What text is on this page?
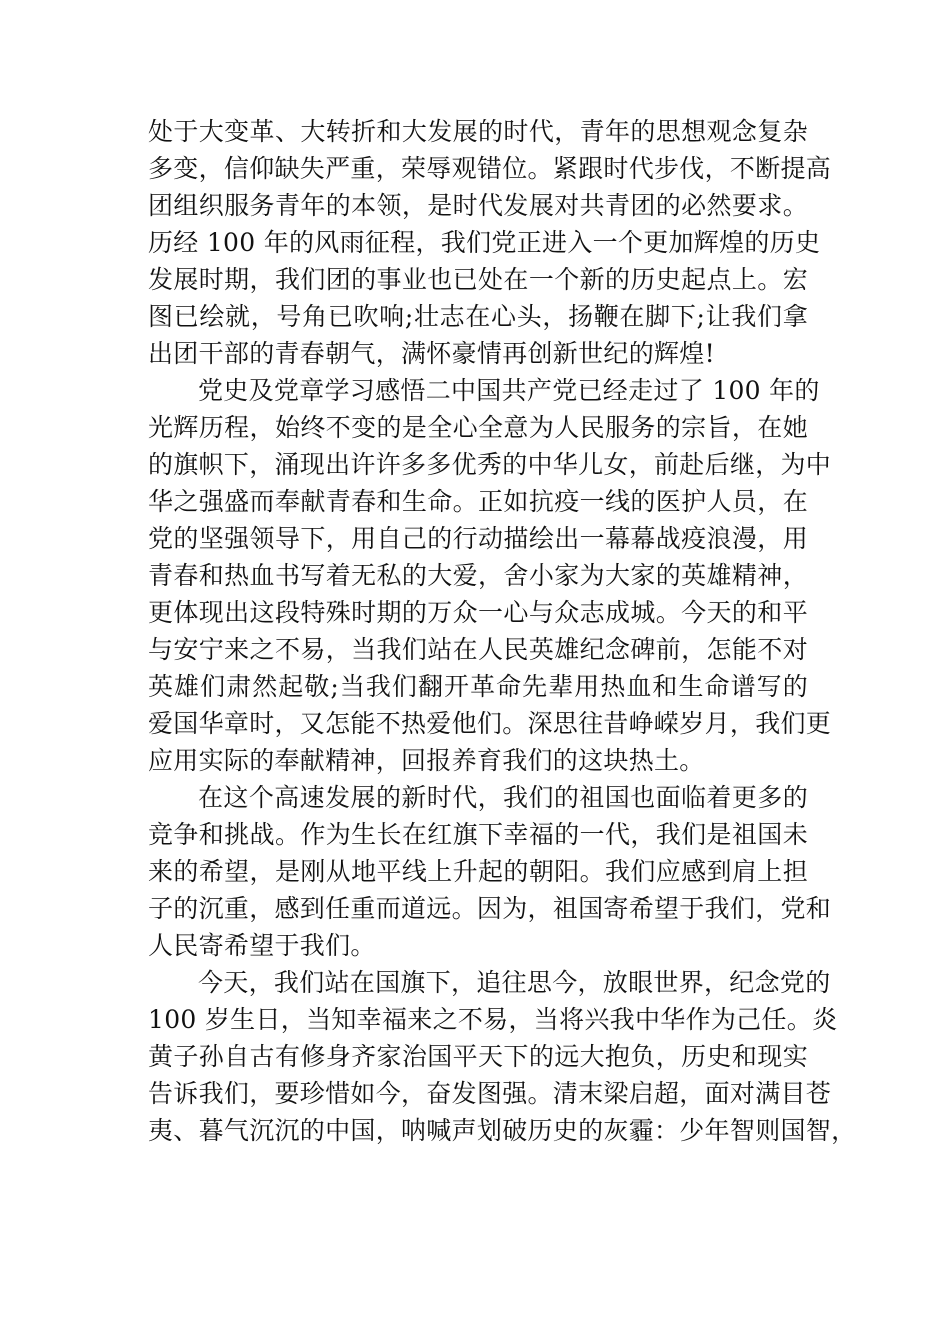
处于大变革、大转折和大发展的时代，青年的思想观念复杂
多变，信仰缺失严重，荣辱观错位。紧跟时代步伐，不断提高
团组织服务青年的本领，是时代发展对共青团的必然要求。
历经 100 年的风雨征程，我们党正进入一个更加辉煌的历史
发展时期，我们团的事业也已处在一个新的历史起点上。宏
图已绘就，号角已吹响;壮志在心头，扬鞭在脚下;让我们拿
出团干部的青春朝气，满怀豪情再创新世纪的辉煌!
党史及党章学习感悟二中国共产党已经走过了 100 年的
光辉历程，始终不变的是全心全意为人民服务的宗旨，在她
的旗帜下，涌现出许许多多优秀的中华儿女，前赴后继，为中
华之强盛而奉献青春和生命。正如抗疫一线的医护人员，在
党的坚强领导下，用自己的行动描绘出一幕幕战疫浪漫，用
青春和热血书写着无私的大爱，舍小家为大家的英雄精神，
更体现出这段特殊时期的万众一心与众志成城。今天的和平
与安宁来之不易，当我们站在人民英雄纪念碑前，怎能不对
英雄们肃然起敬;当我们翻开革命先辈用热血和生命谱写的
爱国华章时，又怎能不热爱他们。深思往昔峥嵘岁月，我们更
应用实际的奉献精神，回报养育我们的这块热土。
在这个高速发展的新时代，我们的祖国也面临着更多的
竞争和挑战。作为生长在红旗下幸福的一代，我们是祖国未
来的希望，是刚从地平线上升起的朝阳。我们应感到肩上担
子的沉重，感到任重而道远。因为，祖国寄希望于我们，党和
人民寄希望于我们。
今天，我们站在国旗下，追往思今，放眼世界，纪念党的
100 岁生日，当知幸福来之不易，当将兴我中华作为己任。炎
黄子孙自古有修身齐家治国平天下的远大抱负，历史和现实
告诉我们，要珍惜如今，奋发图强。清末梁启超，面对满目苍
夷、暮气沉沉的中国，呐喊声划破历史的灰霾：少年智则国智，
